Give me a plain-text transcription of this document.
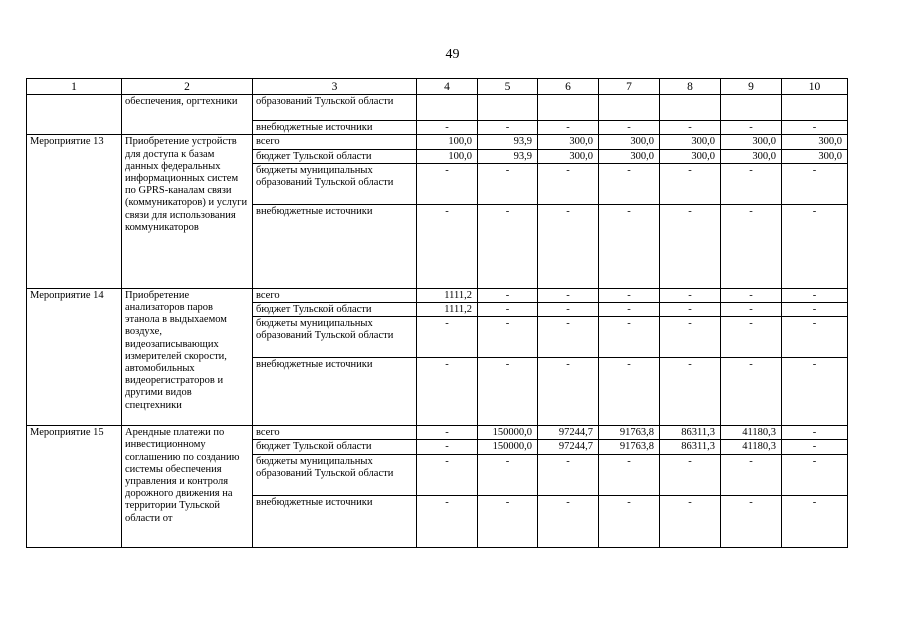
49
1	2	3	4	5	6	7	8	9	10
	обеспечения, оргтехники	образований Тульской области							
		внебюджетные источники	-	-	-	-	-	-	-
Мероприятие 13	Приобретение устройств для доступа к базам данных федеральных информационных систем по GPRS-каналам связи (коммуникаторов) и услуги связи для использования коммуникаторов	всего	100,0	93,9	300,0	300,0	300,0	300,0	300,0
		бюджет Тульской области	100,0	93,9	300,0	300,0	300,0	300,0	300,0
		бюджеты муниципальных образований Тульской области	-	-	-	-	-	-	-
		внебюджетные источники	-	-	-	-	-	-	-
Мероприятие 14	Приобретение анализаторов паров этанола в выдыхаемом воздухе, видеозаписывающих измерителей скорости, автомобильных видеорегистраторов и другими видов спецтехники	всего	1111,2	-	-	-	-	-	-
		бюджет Тульской области	1111,2	-	-	-	-	-	-
		бюджеты муниципальных образований Тульской области	-	-	-	-	-	-	-
		внебюджетные источники	-	-	-	-	-	-	-
Мероприятие 15	Арендные платежи по инвестиционному соглашению по созданию системы обеспечения управления и контроля дорожного движения на территории Тульской области от	всего	-	150000,0	97244,7	91763,8	86311,3	41180,3	-
		бюджет Тульской области	-	150000,0	97244,7	91763,8	86311,3	41180,3	-
		бюджеты муниципальных образований Тульской области	-	-	-	-	-	-	-
		внебюджетные источники	-	-	-	-	-	-	-
